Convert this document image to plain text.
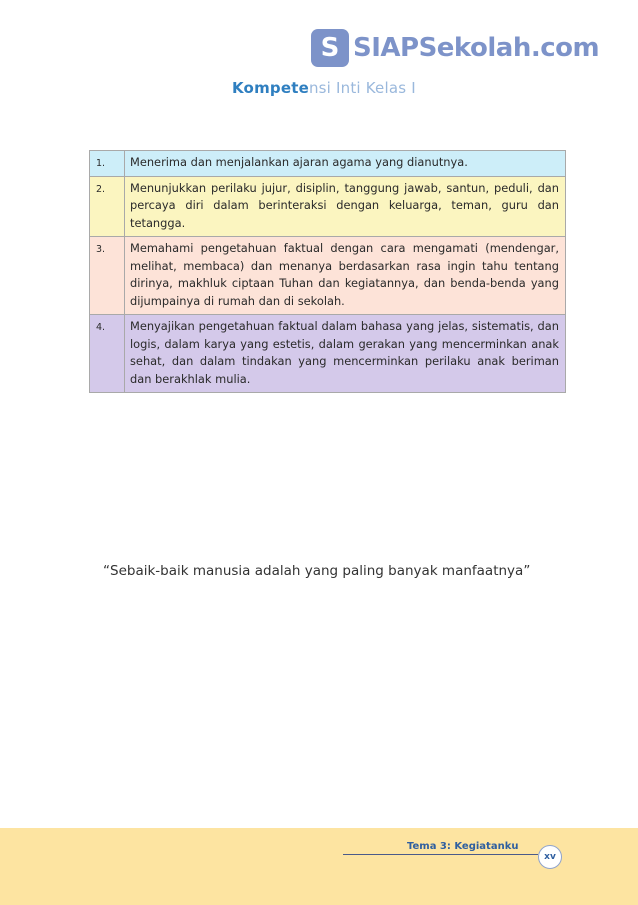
S SIAPSekolah.com
Kompetensi Inti Kelas I
1.	Menerima dan menjalankan ajaran agama yang dianutnya.
2.	Menunjukkan perilaku jujur, disiplin, tanggung jawab, santun, peduli, dan percaya diri dalam berinteraksi dengan keluarga, teman, guru dan tetangga.
3.	Memahami pengetahuan faktual dengan cara mengamati (mendengar, melihat, membaca) dan menanya berdasarkan rasa ingin tahu tentang dirinya, makhluk ciptaan Tuhan dan kegiatannya, dan benda-benda yang dijumpainya di rumah dan di sekolah.
4.	Menyajikan pengetahuan faktual dalam bahasa yang jelas, sistematis, dan logis, dalam karya yang estetis, dalam gerakan yang mencerminkan anak sehat, dan dalam tindakan yang mencerminkan perilaku anak beriman dan berakhlak mulia.
“Sebaik-baik manusia adalah yang paling banyak manfaatnya”
Tema 3: Kegiatanku
xv
